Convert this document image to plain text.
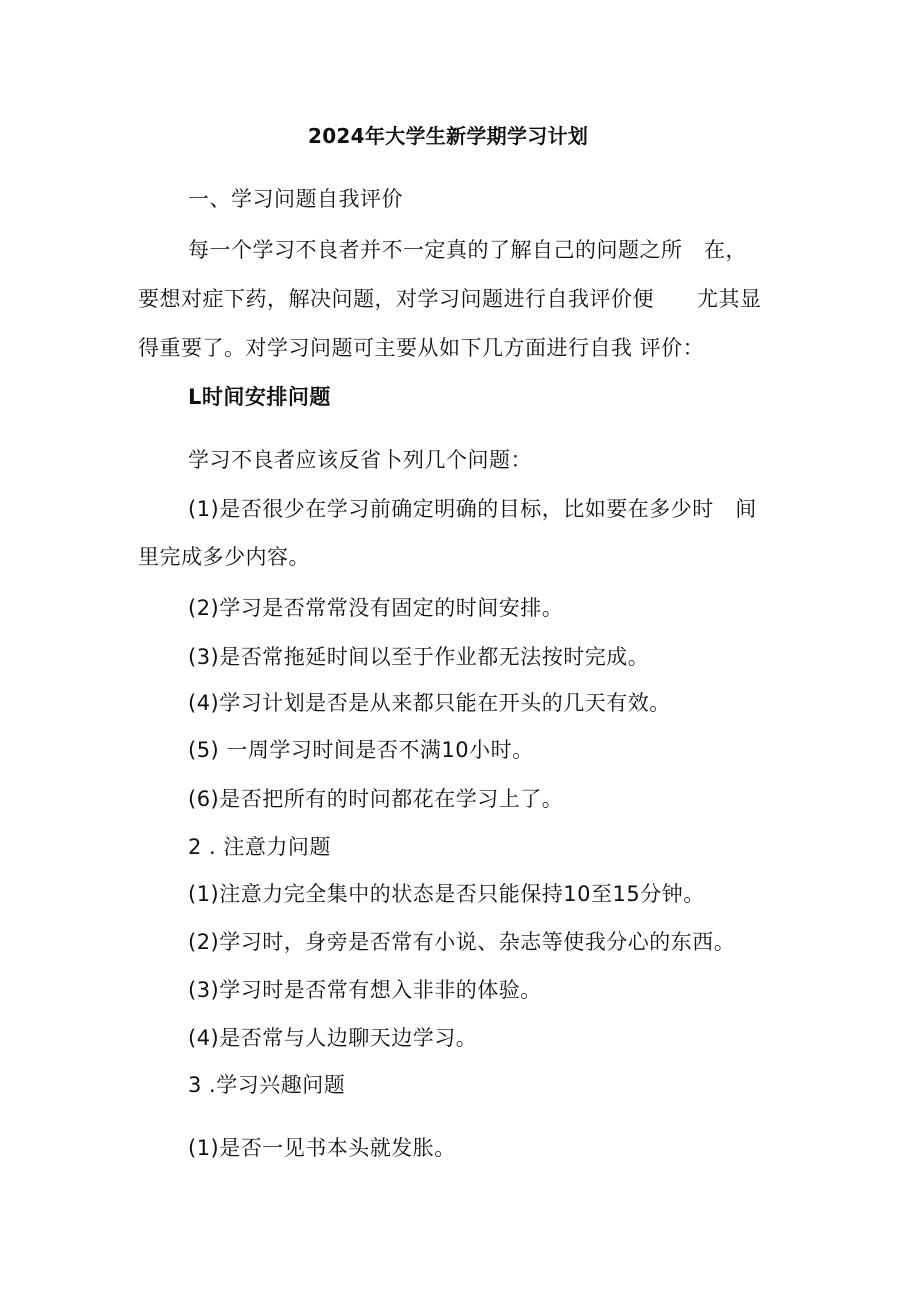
2024年大学生新学期学习计划
一、学习问题自我评价
每一个学习不良者并不一定真的了解自己的问题之所　在，
要想对症下药，解决问题，对学习问题进行自我评价便　　尤其显
得重要了。对学习问题可主要从如下几方面进行自我 评价：
L时间安排问题
学习不良者应该反省卜列几个问题：
(1)是否很少在学习前确定明确的目标，比如要在多少时　间
里完成多少内容。
(2)学习是否常常没有固定的时间安排。
(3)是否常拖延时间以至于作业都无法按时完成。
(4)学习计划是否是从来都只能在开头的几天有效。
(5) 一周学习时间是否不满10小时。
(6)是否把所有的时问都花在学习上了。
2 . 注意力问题
(1)注意力完全集中的状态是否只能保持10至15分钟。
(2)学习时，身旁是否常有小说、杂志等使我分心的东西。
(3)学习时是否常有想入非非的体验。
(4)是否常与人边聊天边学习。
3 .学习兴趣问题
(1)是否一见书本头就发胀。
